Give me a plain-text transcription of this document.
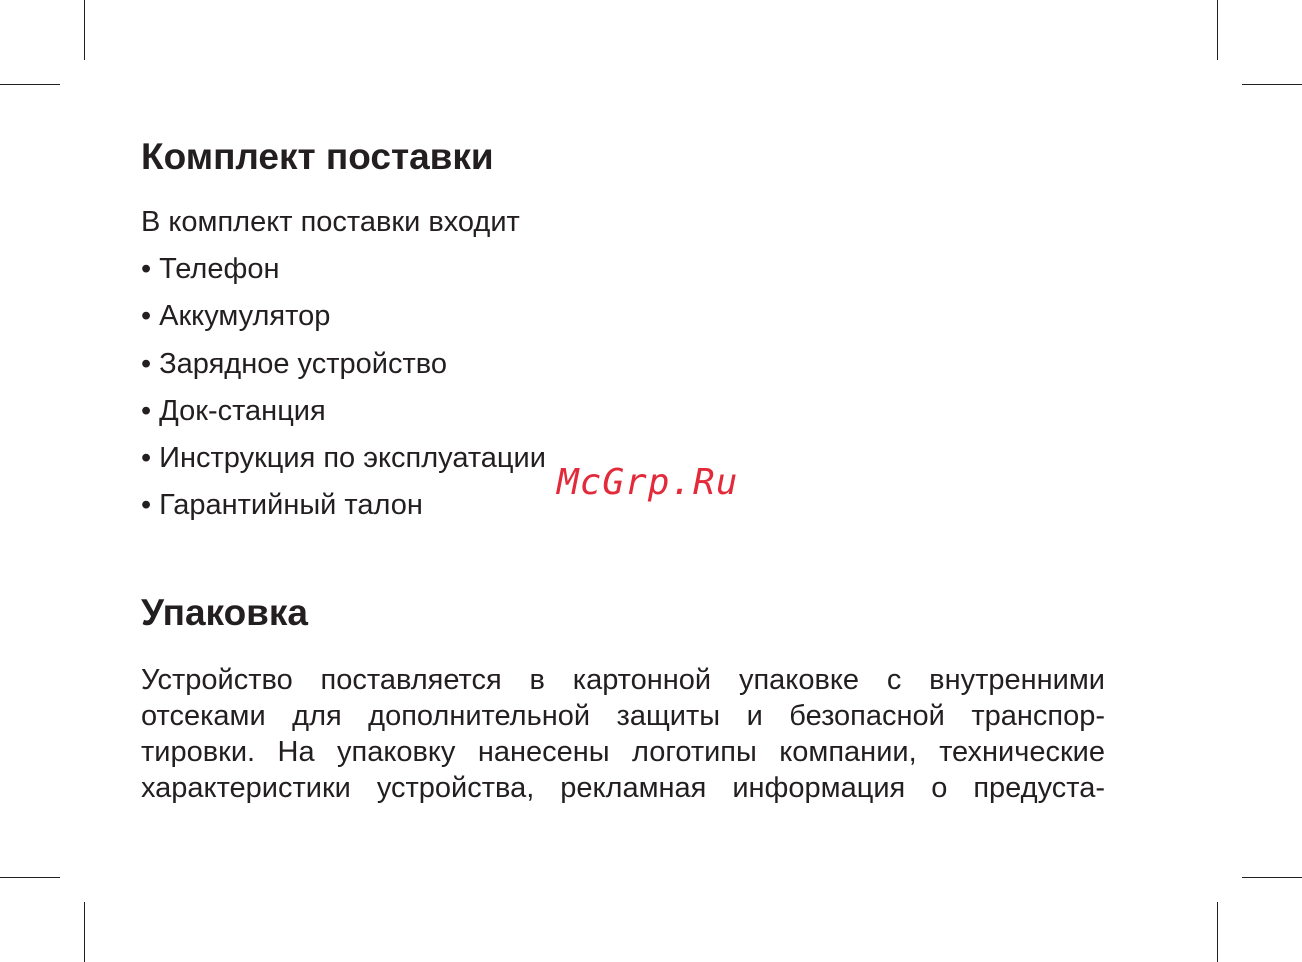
Комплект поставки

В комплект поставки входит

• Телефон
• Аккумулятор
• Зарядное устройство
• Док-станция
• Инструкция по эксплуатации
• Гарантийный талон
Упаковка

Устройство поставляется в картонной упаковке с внутренними
отсеками для дополнительной защиты и безопасной транспор-
тировки. На упаковку нанесены логотипы компании, технические
характеристики устройства, рекламная информация о предуста-

McGrp.Ru
